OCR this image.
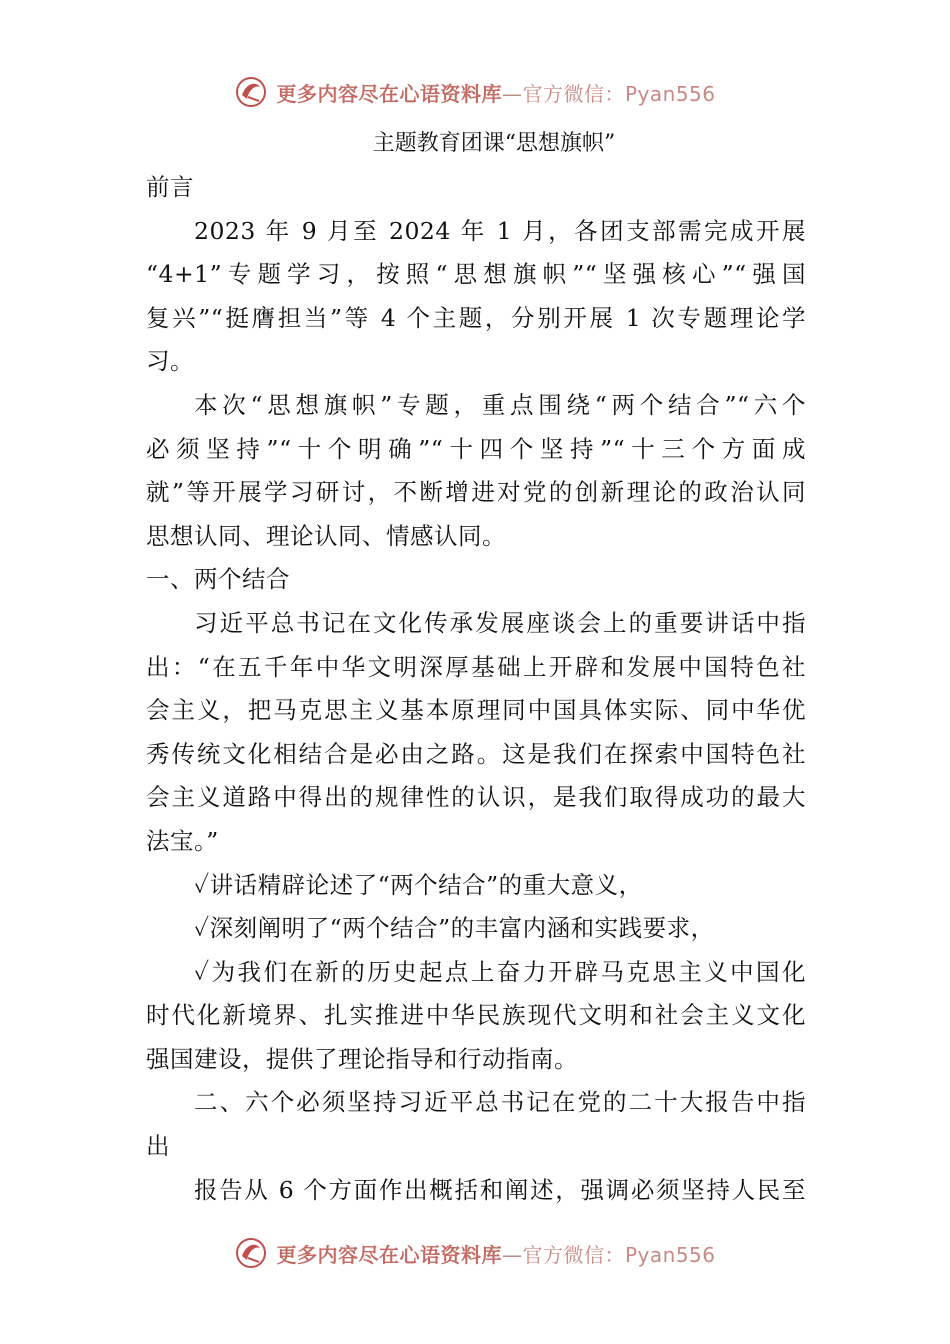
更多内容尽在心语资料库—官方微信：Pyan556
主题教育团课“思想旗帜”
前言
2023 年 9 月至 2024 年 1 月，各团支部需完成开展
“4+1”专题学习，按照“思想旗帜”“坚强核心”“强国
复兴”“挺膺担当”等 4 个主题，分别开展 1 次专题理论学
习。
本次“思想旗帜”专题，重点围绕“两个结合”“六个
必须坚持”“十个明确”“十四个坚持”“十三个方面成
就”等开展学习研讨，不断增进对党的创新理论的政治认同
思想认同、理论认同、情感认同。
一、两个结合
习近平总书记在文化传承发展座谈会上的重要讲话中指
出：“在五千年中华文明深厚基础上开辟和发展中国特色社
会主义，把马克思主义基本原理同中国具体实际、同中华优
秀传统文化相结合是必由之路。这是我们在探索中国特色社
会主义道路中得出的规律性的认识，是我们取得成功的最大
法宝。”
✓讲话精辟论述了“两个结合”的重大意义，
✓深刻阐明了“两个结合”的丰富内涵和实践要求，
✓为我们在新的历史起点上奋力开辟马克思主义中国化
时代化新境界、扎实推进中华民族现代文明和社会主义文化
强国建设，提供了理论指导和行动指南。
二、六个必须坚持习近平总书记在党的二十大报告中指
出
报告从 6 个方面作出概括和阐述，强调必须坚持人民至
更多内容尽在心语资料库—官方微信：Pyan556
